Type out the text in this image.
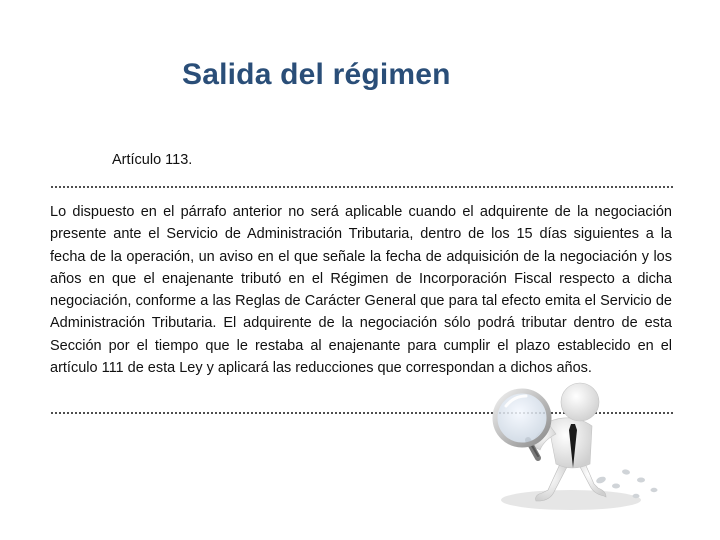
Salida del régimen
Artículo 113.

Lo dispuesto en el párrafo anterior no será aplicable cuando el adquirente de la negociación presente ante el Servicio de Administración Tributaria, dentro de los 15 días siguientes a la fecha de la operación, un aviso en el que señale la fecha de adquisición de la negociación y los años en que el enajenante tributó en el Régimen de Incorporación Fiscal respecto a dicha negociación, conforme a las Reglas de Carácter General que para tal efecto emita el Servicio de Administración Tributaria. El adquirente de la negociación sólo podrá tributar dentro de esta Sección por el tiempo que le restaba al enajenante para cumplir el plazo establecido en el artículo 111 de esta Ley y aplicará las reducciones que correspondan a dichos años.
